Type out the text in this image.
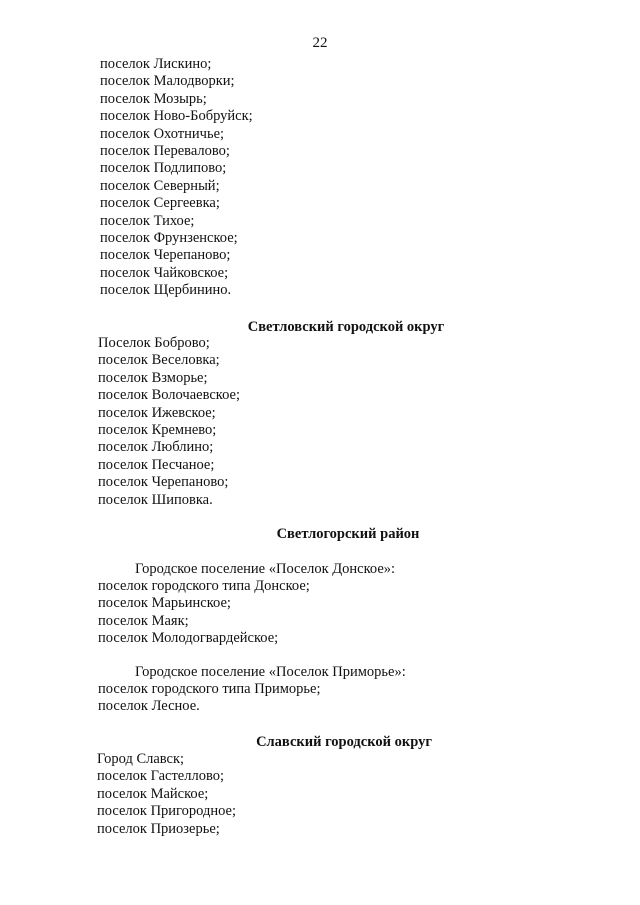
22
поселок Лискино;
поселок Малодворки;
поселок Мозырь;
поселок Ново-Бобруйск;
поселок Охотничье;
поселок Перевалово;
поселок Подлипово;
поселок Северный;
поселок Сергеевка;
поселок Тихое;
поселок Фрунзенское;
поселок Черепаново;
поселок Чайковское;
поселок Щербинино.
Светловский городской округ
Поселок Боброво;
поселок Веселовка;
поселок Взморье;
поселок Волочаевское;
поселок Ижевское;
поселок Кремнево;
поселок Люблино;
поселок Песчаное;
поселок Черепаново;
поселок Шиповка.
Светлогорский район

Городское поселение «Поселок Донское»:

поселок городского типа Донское;
поселок Марьинское;
поселок Маяк;
поселок Молодогвардейское;

Городское поселение «Поселок Приморье»:

поселок городского типа Приморье;
поселок Лесное.
Славский городской округ
Город Славск;
поселок Гастеллово;
поселок Майское;
поселок Пригородное;
поселок Приозерье;
